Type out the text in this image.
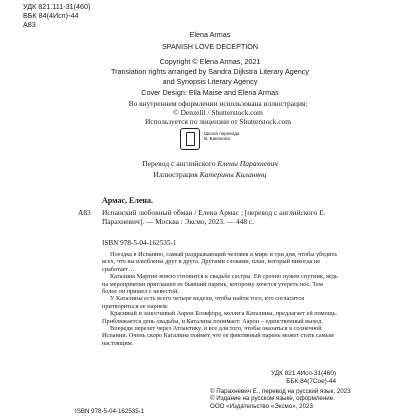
УДК 821.111-31(460)
ББК 84(4Исп)-44
А83
Elena Armas
SPANISH LOVE DECEPTION
Copyright © Elena Armas, 2021
Translation rights arranged by Sandra Dijkstra Literary Agency
and Synopsis Literary Agency
Cover Design: Ella Maise and Elena Armas
Во внутреннем оформлении использована иллюстрация:
© Denzelll / Shutterstock.com
Используется по лицензии от Shutterstock.com
Школа перевода
В. Баканова
Перевод с английского Елены Парахневич
Иллюстрация Катерины Киланянц
Армас, Елена.
А83 Испанский любовный обман / Елена Армас ; [перевод с английского Е. Парахневич]. — Москва : Эксмо, 2023. — 448 с.
ISBN 978-5-04-162535-1

Поездка в Испанию, самый раздражающий человек в мире и три дня, чтобы убедить всех, что вы влюблены друг в друга. Другими словами, план, который никогда не сработает…

Каталина Мартин вовсю готовится к свадьбе сестры. Ей срочно нужен спутник, ведь на мероприятии приглашен ее бывший парень, которому хочется утереть нос. Тем более он пришел с невестой.

У Каталины есть всего четыре недели, чтобы найти того, кто согласится притвориться ее парнем.

Красивый и заносчивый Аарон Блэкфорд, коллега Каталины, предлагает ей помощь. Приближается день свадьбы, и Каталина понимает: Аарон – единственный выход.

Впереди перелет через Атлантику, и все для того, чтобы оказаться в солнечной Испании. Очень скоро Каталина поймет, что ее фиктивный парень может стать самым настоящим.

УДК 821.4Исп-31(460)
ББК 84(7Сое)-44
© Парахневич Е., перевод на русский язык, 2023
© Издание на русском языке, оформление.
ООО «Издательство «Эксмо», 2023
ISBN 978-5-04-162535-1
